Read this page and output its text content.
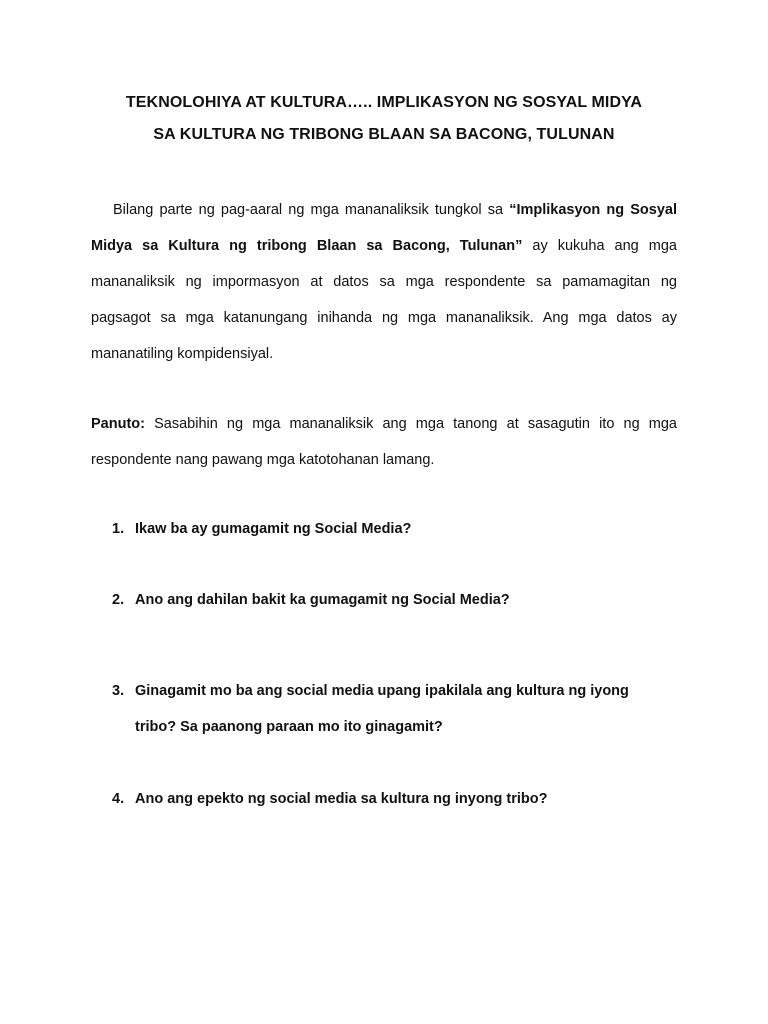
TEKNOLOHIYA AT KULTURA….. IMPLIKASYON NG SOSYAL MIDYA
SA KULTURA NG TRIBONG BLAAN SA BACONG, TULUNAN
Bilang parte ng pag-aaral ng mga mananaliksik tungkol sa “Implikasyon ng Sosyal
Midya sa Kultura ng tribong Blaan sa Bacong, Tulunan” ay kukuha ang mga
mananaliksik ng impormasyon at datos sa mga respondente sa pamamagitan ng
pagsagot sa mga katanungang inihanda ng mga mananaliksik. Ang mga datos ay
mananatiling kompidensiyal.
Panuto: Sasabihin ng mga mananaliksik ang mga tanong at sasagutin ito ng mga
respondente nang pawang mga katotohanan lamang.
1. Ikaw ba ay gumagamit ng Social Media?
2. Ano ang dahilan bakit ka gumagamit ng Social Media?
3. Ginagamit mo ba ang social media upang ipakilala ang kultura ng iyong
tribo? Sa paanong paraan mo ito ginagamit?
4. Ano ang epekto ng social media sa kultura ng inyong tribo?
